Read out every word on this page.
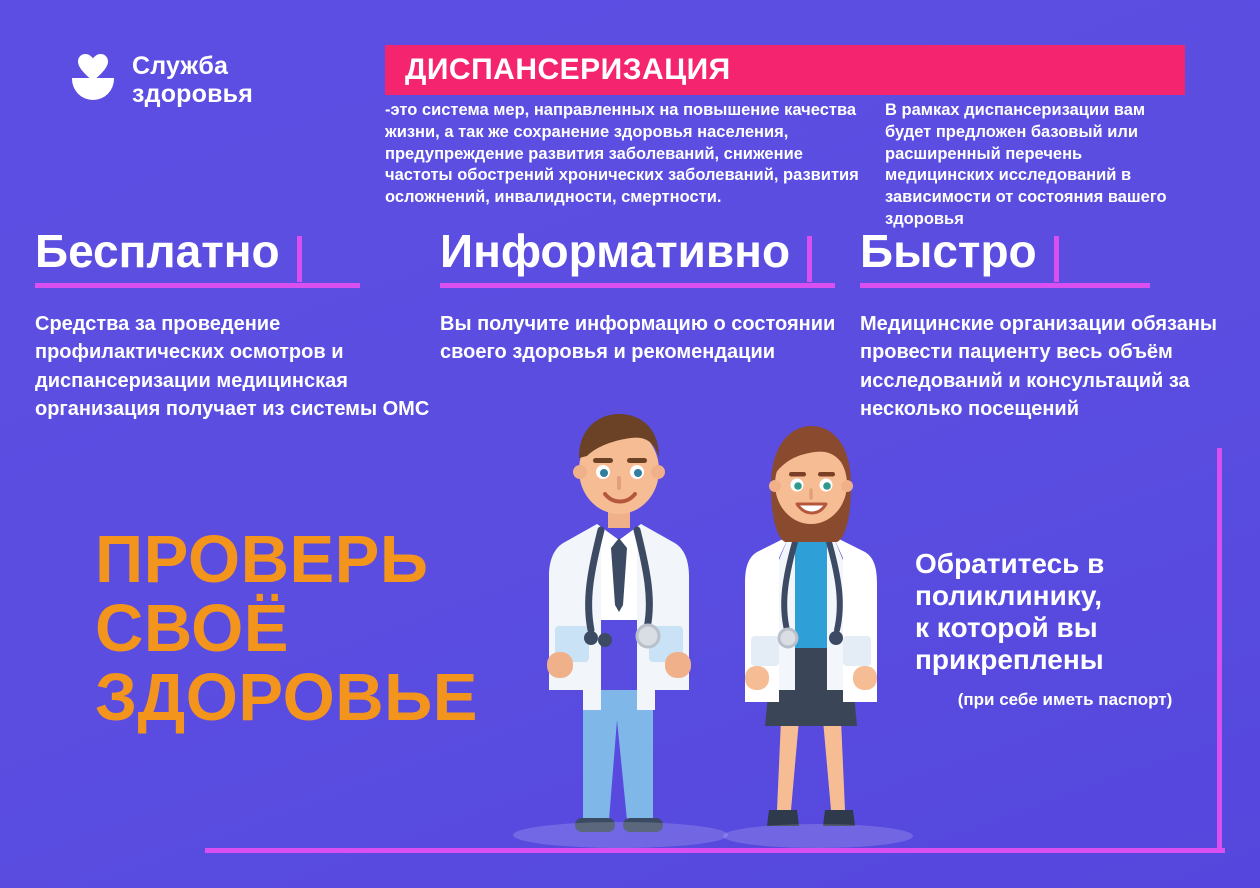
Служба
здоровья
ДИСПАНСЕРИЗАЦИЯ

-это система мер, направленных на повышение качества жизни, а так же сохранение здоровья населения, предупреждение развития заболеваний, снижение частоты обострений хронических заболеваний, развития осложнений, инвалидности, смертности.

В рамках диспансеризации вам будет предложен базовый или расширенный перечень медицинских исследований в зависимости от состояния вашего здоровья

Бесплатно

Средства за проведение профилактических осмотров и диспансеризации медицинская организация получает из системы ОМС

Информативно

Вы получите информацию о состоянии своего здоровья и рекомендации

Быстро

Медицинские организации обязаны провести пациенту весь объём исследований и консультаций за несколько посещений

ПРОВЕРЬ
СВОЁ
ЗДОРОВЬЕ
Обратитесь в
поликлинику,
к которой вы
прикреплены
(при себе иметь паспорт)
